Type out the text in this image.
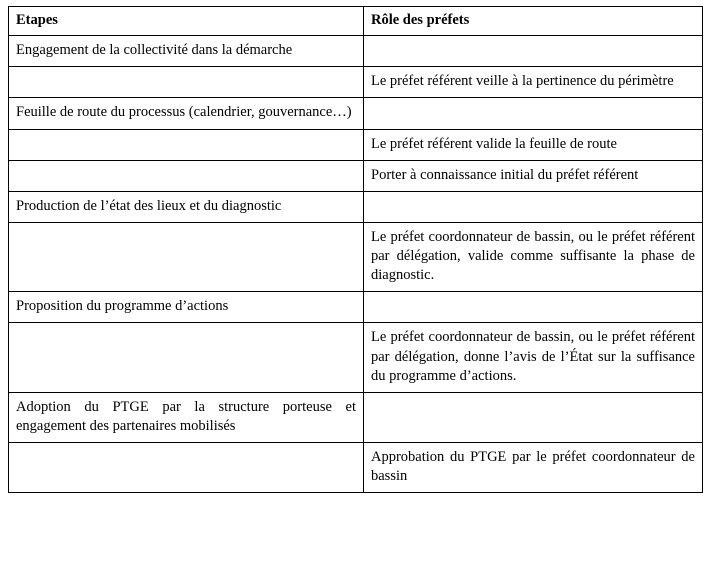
Etapes	Rôle des préfets
Engagement de la collectivité dans la démarche	
	Le préfet référent veille à la pertinence du périmètre
Feuille de route du processus (calendrier, gouvernance…)	
	Le préfet référent valide la feuille de route
	Porter à connaissance initial du préfet référent
Production de l’état des lieux et du diagnostic	
	Le préfet coordonnateur de bassin, ou le préfet référent par délégation, valide comme suffisante la phase de diagnostic.
Proposition du programme d’actions	
	Le préfet coordonnateur de bassin, ou le préfet référent par délégation, donne l’avis de l’État sur la suffisance du programme d’actions.
Adoption du PTGE par la structure porteuse et engagement des partenaires mobilisés	
	Approbation du PTGE par le préfet coordonnateur de bassin
